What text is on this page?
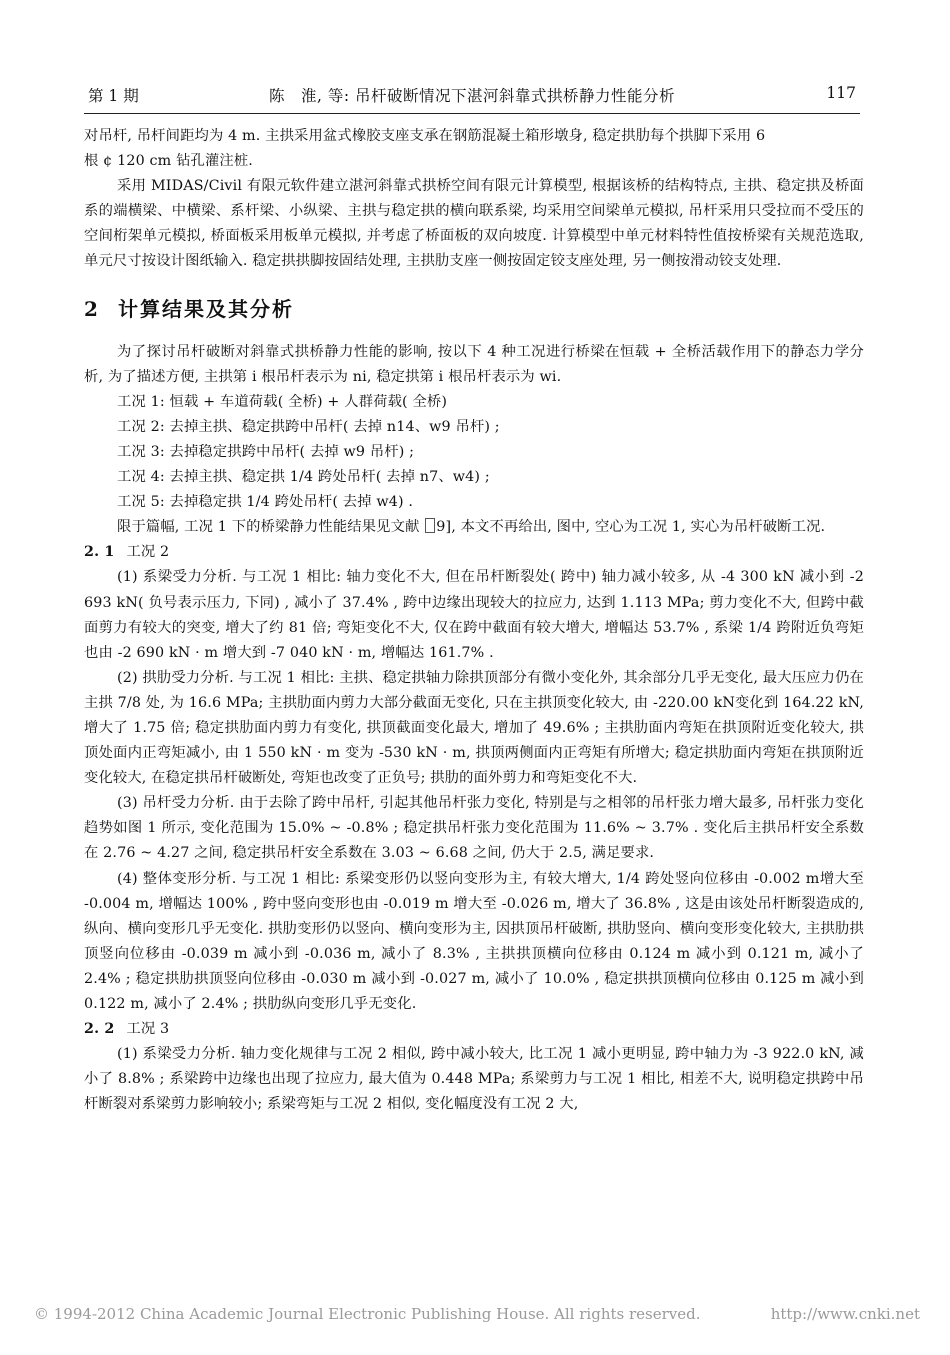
第 1 期	陈　淮, 等: 吊杆破断情况下湛河斜靠式拱桥静力性能分析	117

对吊杆, 吊杆间距均为 4 m. 主拱采用盆式橡胶支座支承在钢筋混凝土箱形墩身, 稳定拱肋每个拱脚下采用 6
根 ¢ 120 cm 钻孔灌注桩.

采用 MIDAS/Civil 有限元软件建立湛河斜靠式拱桥空间有限元计算模型, 根据该桥的结构特点, 主拱、稳定拱及桥面系的端横梁、中横梁、系杆梁、小纵梁、主拱与稳定拱的横向联系梁, 均采用空间梁单元模拟, 吊杆采用只受拉而不受压的空间桁架单元模拟, 桥面板采用板单元模拟, 并考虑了桥面板的双向坡度. 计算模型中单元材料特性值按桥梁有关规范选取, 单元尺寸按设计图纸输入. 稳定拱拱脚按固结处理, 主拱肋支座一侧按固定铰支座处理, 另一侧按滑动铰支处理.

2 计算结果及其分析

为了探讨吊杆破断对斜靠式拱桥静力性能的影响, 按以下 4 种工况进行桥梁在恒载 + 全桥活载作用下的静态力学分析, 为了描述方便, 主拱第 i 根吊杆表示为 ni, 稳定拱第 i 根吊杆表示为 wi.

工况 1: 恒载 + 车道荷载( 全桥) + 人群荷载( 全桥)

工况 2: 去掉主拱、稳定拱跨中吊杆( 去掉 n14、w9 吊杆) ;

工况 3: 去掉稳定拱跨中吊杆( 去掉 w9 吊杆) ;

工况 4: 去掉主拱、稳定拱 1/4 跨处吊杆( 去掉 n7、w4) ;

工况 5: 去掉稳定拱 1/4 跨处吊杆( 去掉 w4) .

限于篇幅, 工况 1 下的桥梁静力性能结果见文献 9], 本文不再给出, 图中, 空心为工况 1, 实心为吊杆破断工况.

2. 1 工况 2

(1) 系梁受力分析. 与工况 1 相比: 轴力变化不大, 但在吊杆断裂处( 跨中) 轴力减小较多, 从 -4 300 kN 减小到 -2 693 kN( 负号表示压力, 下同) , 减小了 37.4% , 跨中边缘出现较大的拉应力, 达到 1.113 MPa; 剪力变化不大, 但跨中截面剪力有较大的突变, 增大了约 81 倍; 弯矩变化不大, 仅在跨中截面有较大增大, 增幅达 53.7% , 系梁 1/4 跨附近负弯矩也由 -2 690 kN · m 增大到 -7 040 kN · m, 增幅达 161.7% .

(2) 拱肋受力分析. 与工况 1 相比: 主拱、稳定拱轴力除拱顶部分有微小变化外, 其余部分几乎无变化, 最大压应力仍在主拱 7/8 处, 为 16.6 MPa; 主拱肋面内剪力大部分截面无变化, 只在主拱顶变化较大, 由 -220.00 kN变化到 164.22 kN, 增大了 1.75 倍; 稳定拱肋面内剪力有变化, 拱顶截面变化最大, 增加了 49.6% ; 主拱肋面内弯矩在拱顶附近变化较大, 拱顶处面内正弯矩减小, 由 1 550 kN · m 变为 -530 kN · m, 拱顶两侧面内正弯矩有所增大; 稳定拱肋面内弯矩在拱顶附近变化较大, 在稳定拱吊杆破断处, 弯矩也改变了正负号; 拱肋的面外剪力和弯矩变化不大.

(3) 吊杆受力分析. 由于去除了跨中吊杆, 引起其他吊杆张力变化, 特别是与之相邻的吊杆张力增大最多, 吊杆张力变化趋势如图 1 所示, 变化范围为 15.0% ~ -0.8% ; 稳定拱吊杆张力变化范围为 11.6% ~ 3.7% . 变化后主拱吊杆安全系数在 2.76 ~ 4.27 之间, 稳定拱吊杆安全系数在 3.03 ~ 6.68 之间, 仍大于 2.5, 满足要求.

(4) 整体变形分析. 与工况 1 相比: 系梁变形仍以竖向变形为主, 有较大增大, 1/4 跨处竖向位移由 -0.002 m增大至 -0.004 m, 增幅达 100% , 跨中竖向变形也由 -0.019 m 增大至 -0.026 m, 增大了 36.8% , 这是由该处吊杆断裂造成的, 纵向、横向变形几乎无变化. 拱肋变形仍以竖向、横向变形为主, 因拱顶吊杆破断, 拱肋竖向、横向变形变化较大, 主拱肋拱顶竖向位移由 -0.039 m 减小到 -0.036 m, 减小了 8.3% , 主拱拱顶横向位移由 0.124 m 减小到 0.121 m, 减小了 2.4% ; 稳定拱肋拱顶竖向位移由 -0.030 m 减小到 -0.027 m, 减小了 10.0% , 稳定拱拱顶横向位移由 0.125 m 减小到 0.122 m, 减小了 2.4% ; 拱肋纵向变形几乎无变化.

2. 2 工况 3

(1) 系梁受力分析. 轴力变化规律与工况 2 相似, 跨中减小较大, 比工况 1 减小更明显, 跨中轴力为 -3 922.0 kN, 减小了 8.8% ; 系梁跨中边缘也出现了拉应力, 最大值为 0.448 MPa; 系梁剪力与工况 1 相比, 相差不大, 说明稳定拱跨中吊杆断裂对系梁剪力影响较小; 系梁弯矩与工况 2 相似, 变化幅度没有工况 2 大,

© 1994-2012 China Academic Journal Electronic Publishing House. All rights reserved.	http://www.cnki.net
